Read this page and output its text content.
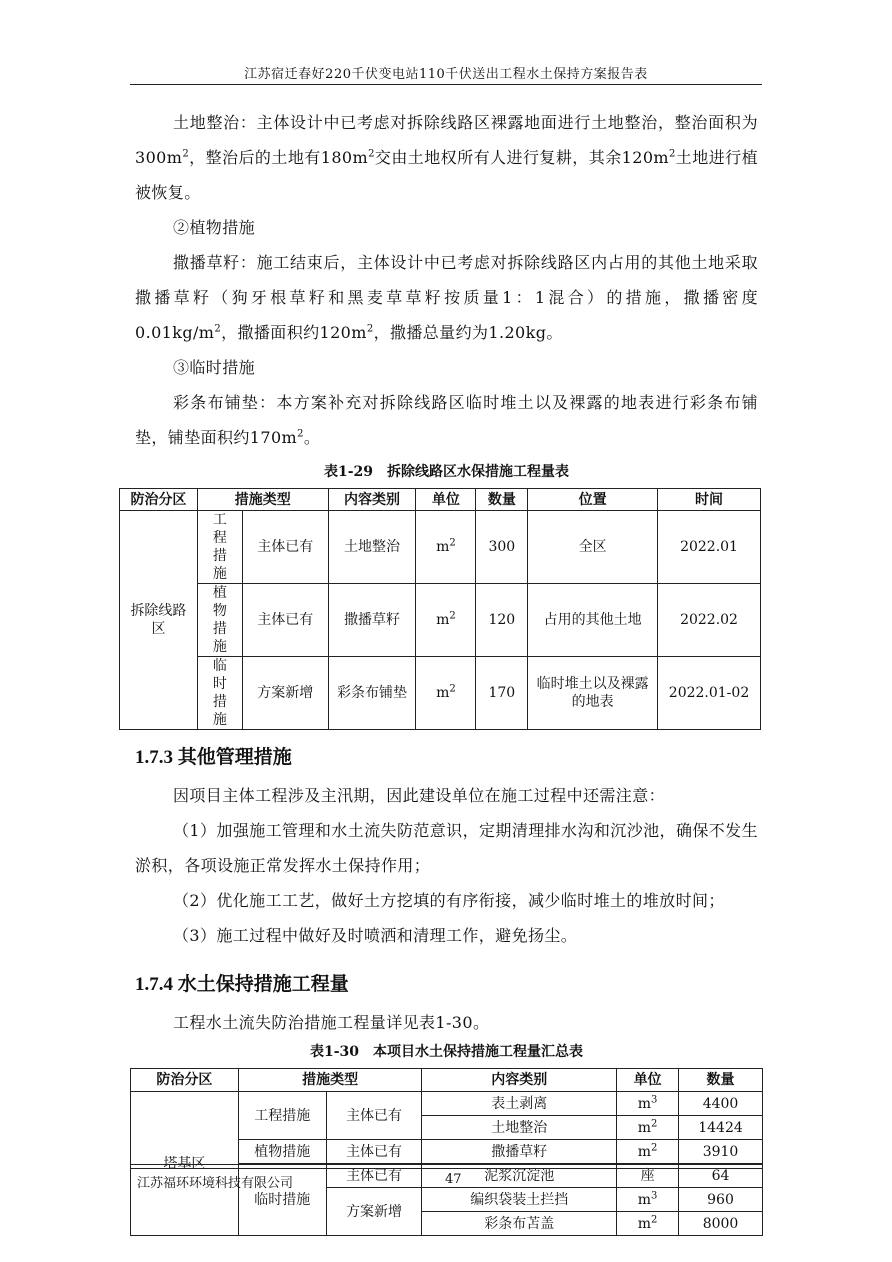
江苏宿迁春好220千伏变电站110千伏送出工程水土保持方案报告表

土地整治：主体设计中已考虑对拆除线路区裸露地面进行土地整治，整治面积为$300m^2$，整治后的土地有$180m^2$交由土地权所有人进行复耕，其余$120m^2$土地进行植被恢复。

②植物措施

撒播草籽：施工结束后，主体设计中已考虑对拆除线路区内占用的其他土地采取撒播草籽（狗牙根草籽和黑麦草草籽按质量1：1混合）的措施，撒播密度$0.01kg/m^2$，撒播面积约$120m^2$，撒播总量约为1.20kg。

③临时措施

彩条布铺垫：本方案补充对拆除线路区临时堆土以及裸露的地表进行彩条布铺垫，铺垫面积约$170m^2$。

表1-29　拆除线路区水保措施工程量表
防治分区	措施类型		内容类别	单位	数量	位置	时间
拆除线路区	工程措施	主体已有	土地整治	$m^2$	300	全区	2022.01
	植物措施	主体已有	撒播草籽	$m^2$	120	占用的其他土地	2022.02
	临时措施	方案新增	彩条布铺垫	$m^2$	170	临时堆土以及裸露的地表	2022.01-02
1.7.3 其他管理措施

因项目主体工程涉及主汛期，因此建设单位在施工过程中还需注意：

（1）加强施工管理和水土流失防范意识，定期清理排水沟和沉沙池，确保不发生淤积，各项设施正常发挥水土保持作用；

（2）优化施工工艺，做好土方挖填的有序衔接，减少临时堆土的堆放时间；

（3）施工过程中做好及时喷洒和清理工作，避免扬尘。

1.7.4 水土保持措施工程量

工程水土流失防治措施工程量详见表1-30。

表1-30　本项目水土保持措施工程量汇总表
防治分区	措施类型		内容类别	单位	数量
塔基区	工程措施	主体已有	表土剥离	$m^3$	4400
			土地整治	$m^2$	14424
	植物措施	主体已有	撒播草籽	$m^2$	3910
	临时措施	主体已有	泥浆沉淀池	座	64
		方案新增	编织袋装土拦挡	$m^3$	960
			彩条布苫盖	$m^2$	8000
江苏福环环境科技有限公司	47
